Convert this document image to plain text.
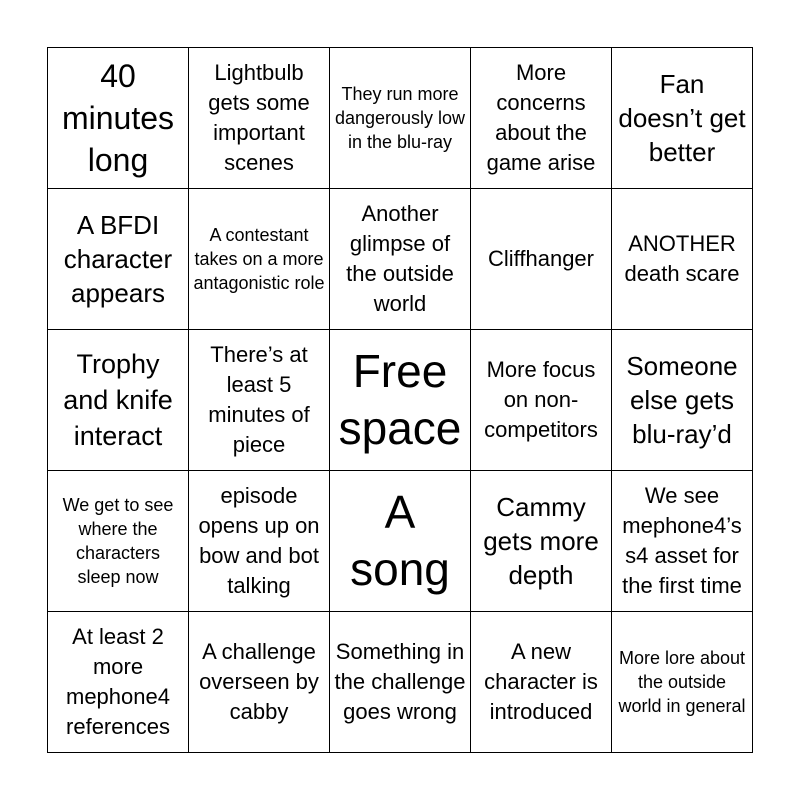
40 minutes long
Lightbulb gets some important scenes
They run more dangerously low in the blu-ray
More concerns about the game arise
Fan doesn’t get better
A BFDI character appears
A contestant takes on a more antagonistic role
Another glimpse of the outside world
Cliffhanger
ANOTHER death scare
Trophy and knife interact
There’s at least 5 minutes of piece
Free space
More focus on non-competitors
Someone else gets blu-ray’d
We get to see where the characters sleep now
episode opens up on bow and bot talking
A song
Cammy gets more depth
We see mephone4’s s4 asset for the first time
At least 2 more mephone4 references
A challenge overseen by cabby
Something in the challenge goes wrong
A new character is introduced
More lore about the outside world in general
